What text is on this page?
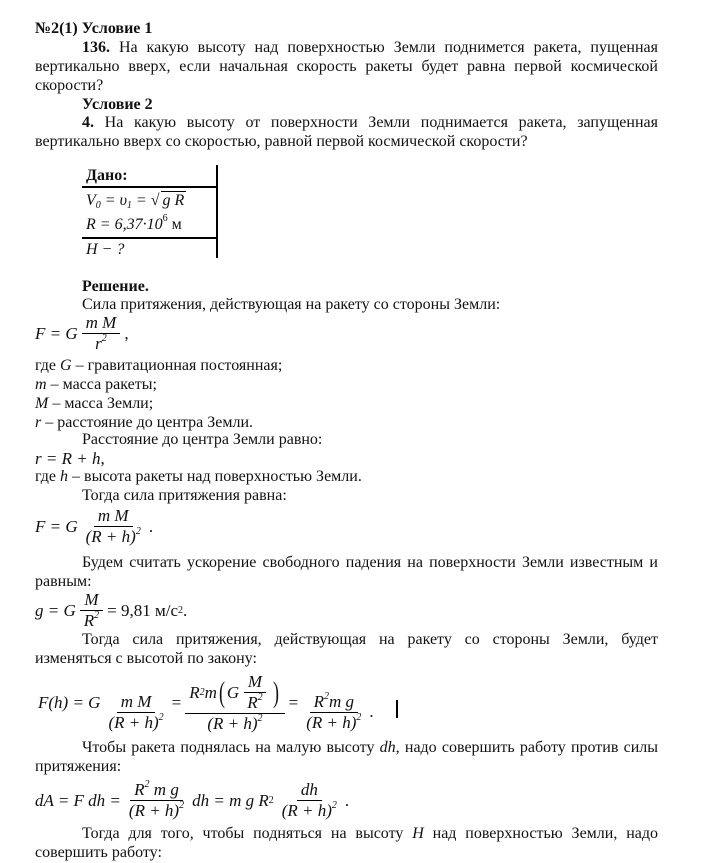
№2(1) Условие 1
136. На какую высоту над поверхностью Земли поднимется ракета, пущенная вертикально вверх, если начальная скорость ракеты будет равна первой космической скорости?
Условие 2
4. На какую высоту от поверхности Земли поднимается ракета, запущенная вертикально вверх со скоростью, равной первой космической скорости?
Дано:
$V_0 = \upsilon_1$ = √ g R
$R = 6,37\cdot 10^6$ м
H − ?
Решение.
Сила притяжения, действующая на ракету со стороны Земли:
F = G $\frac{\text{m M}}{r^2}$ ,
где G – гравитационная постоянная;
m – масса ракеты;
M – масса Земли;
r – расстояние до центра Земли.
Расстояние до центра Земли равно:
r = R + h,
где h – высота ракеты над поверхностью Земли.
Тогда сила притяжения равна:
F = G $\frac{\text{m M}}{(R + h)^2}$ .
Будем считать ускорение свободного падения на поверхности Земли известным и равным:
g = G $\frac{M}{R^2} = 9,81$ м/с 2 .
Тогда сила притяжения, действующая на ракету со стороны Земли, будет изменяться с высотой по закону:
F(h) = G $\frac{\text{m M}}{(R + h)^2} = \frac{R 2 m ( G \frac{M}{R^2} )}{(R + h)^2} = \frac{R^2m g}{(R + h)^2}$ .
Чтобы ракета поднялась на малую высоту dh, надо совершить работу против силы притяжения:
dA = F dh = $\frac{R^2 m g}{(R + h)^2}$ dh = m g R $2 \frac{dh}{(R + h)^2}$ .
Тогда для того, чтобы подняться на высоту H над поверхностью Земли, надо совершить работу:
